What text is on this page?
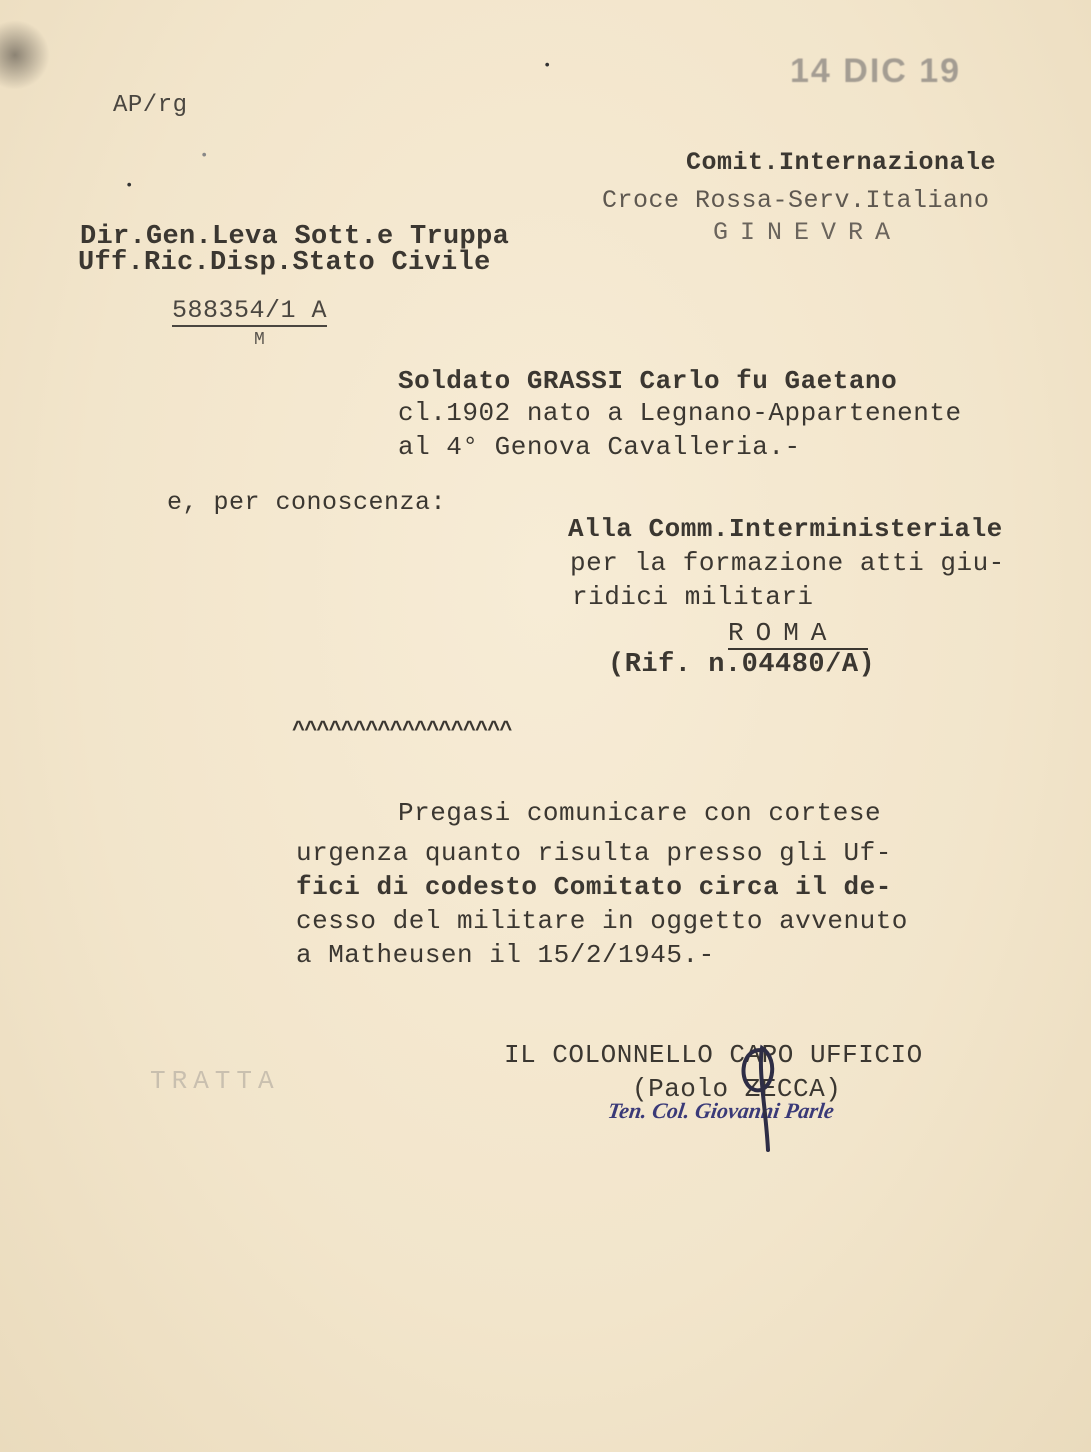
•
•
•
14 DIC 19
AP/rg
Comit.Internazionale
Croce Rossa-Serv.Italiano
GINEVRA
Dir.Gen.Leva Sott.e Truppa
Uff.Ric.Disp.Stato Civile
588354/1 A
M
Soldato GRASSI Carlo fu Gaetano
cl.1902 nato a Legnano-Appartenente
al 4° Genova Cavalleria.-
e, per conoscenza:
Alla Comm.Interministeriale
per la formazione atti giu-
ridici militari
ROMA
(Rif. n.04480/A)
^^^^^^^^^^^^^^^^^^
Pregasi comunicare con cortese
urgenza quanto risulta presso gli Uf-
fici di codesto Comitato circa il de-
cesso del militare in oggetto avvenuto
a Matheusen il 15/2/1945.-
TRATTA
IL COLONNELLO CAPO UFFICIO
(Paolo ZECCA)
Ten. Col. Giovanni Parle
